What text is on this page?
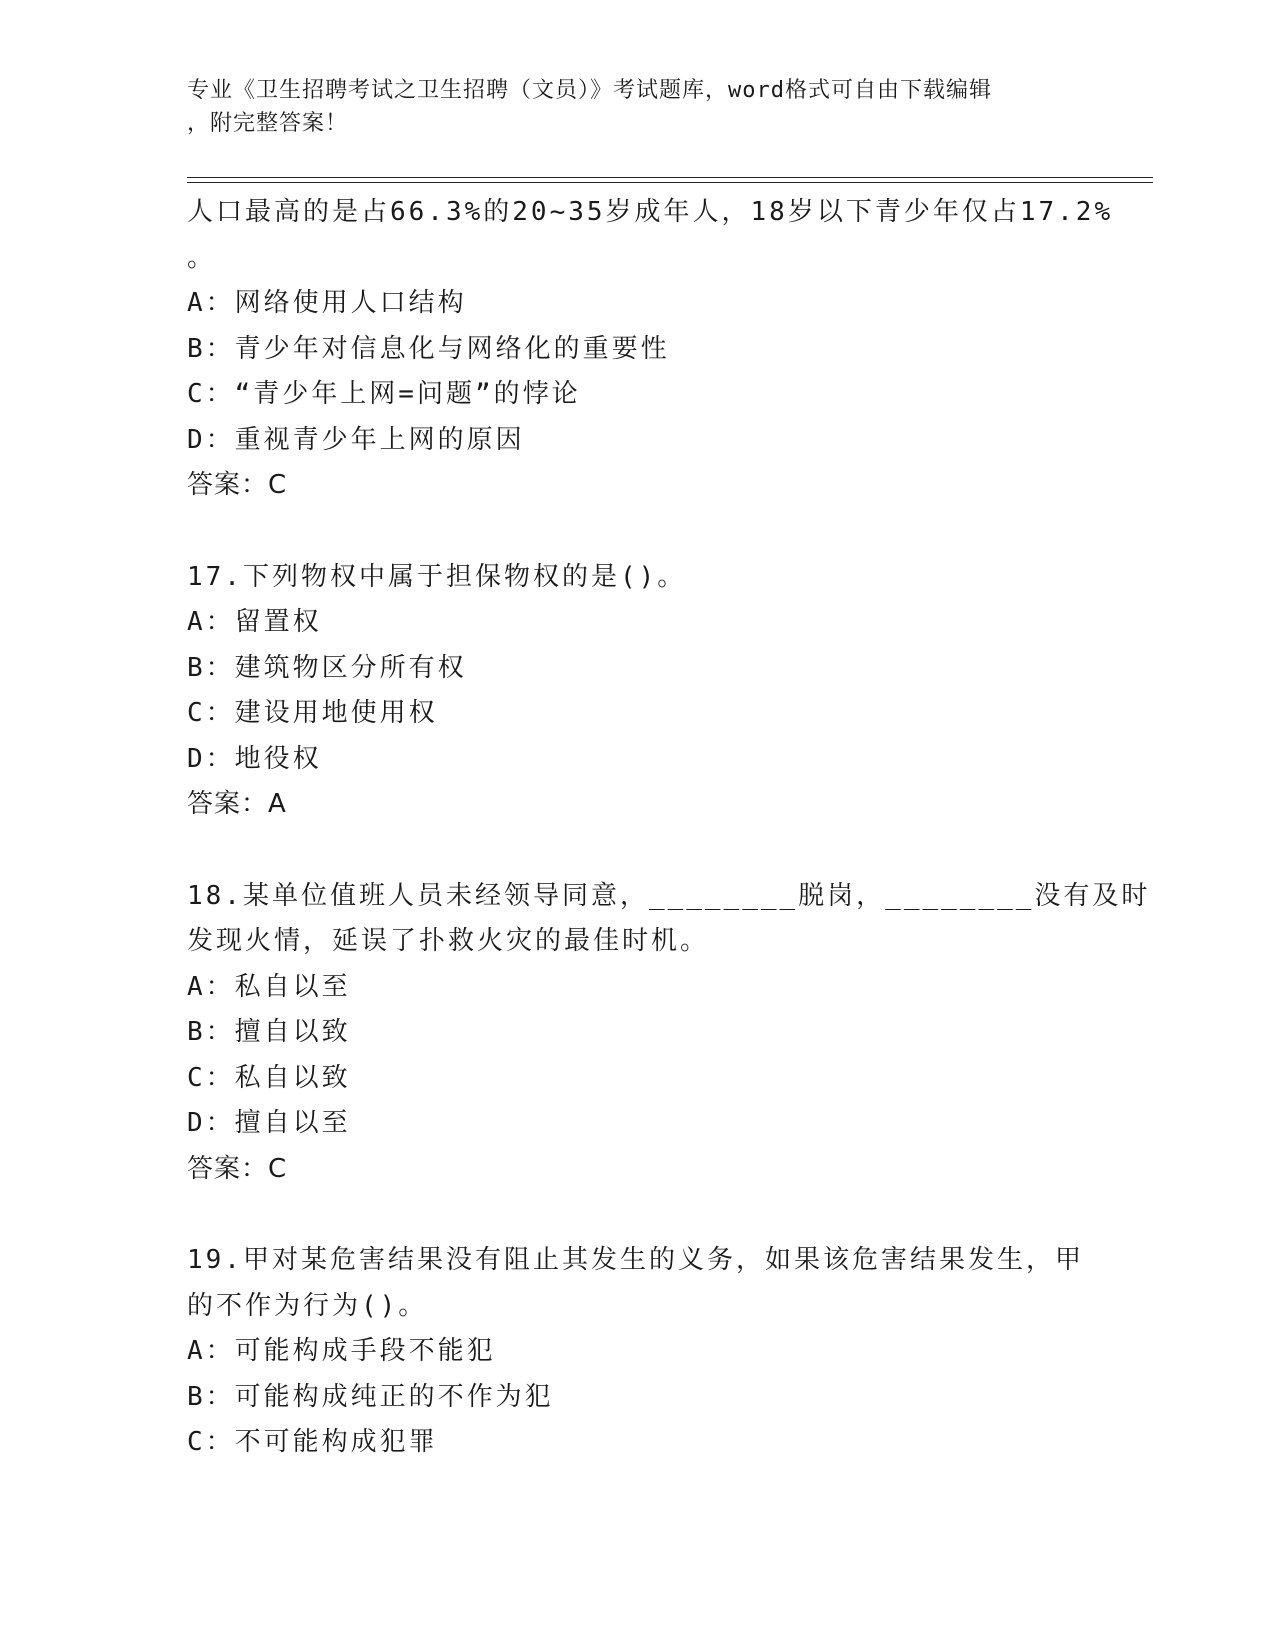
专业《卫生招聘考试之卫生招聘（文员）》考试题库，word格式可自由下载编辑
，附完整答案！
人口最高的是占66.3%的20~35岁成年人，18岁以下青少年仅占17.2%
。
A：网络使用人口结构
B：青少年对信息化与网络化的重要性
C：“青少年上网=问题”的悖论
D：重视青少年上网的原因
答案：C
17.下列物权中属于担保物权的是()。
A：留置权
B：建筑物区分所有权
C：建设用地使用权
D：地役权
答案：A
18.某单位值班人员未经领导同意，________脱岗，________没有及时
发现火情，延误了扑救火灾的最佳时机。
A：私自以至
B：擅自以致
C：私自以致
D：擅自以至
答案：C
19.甲对某危害结果没有阻止其发生的义务，如果该危害结果发生，甲
的不作为行为()。
A：可能构成手段不能犯
B：可能构成纯正的不作为犯
C：不可能构成犯罪
